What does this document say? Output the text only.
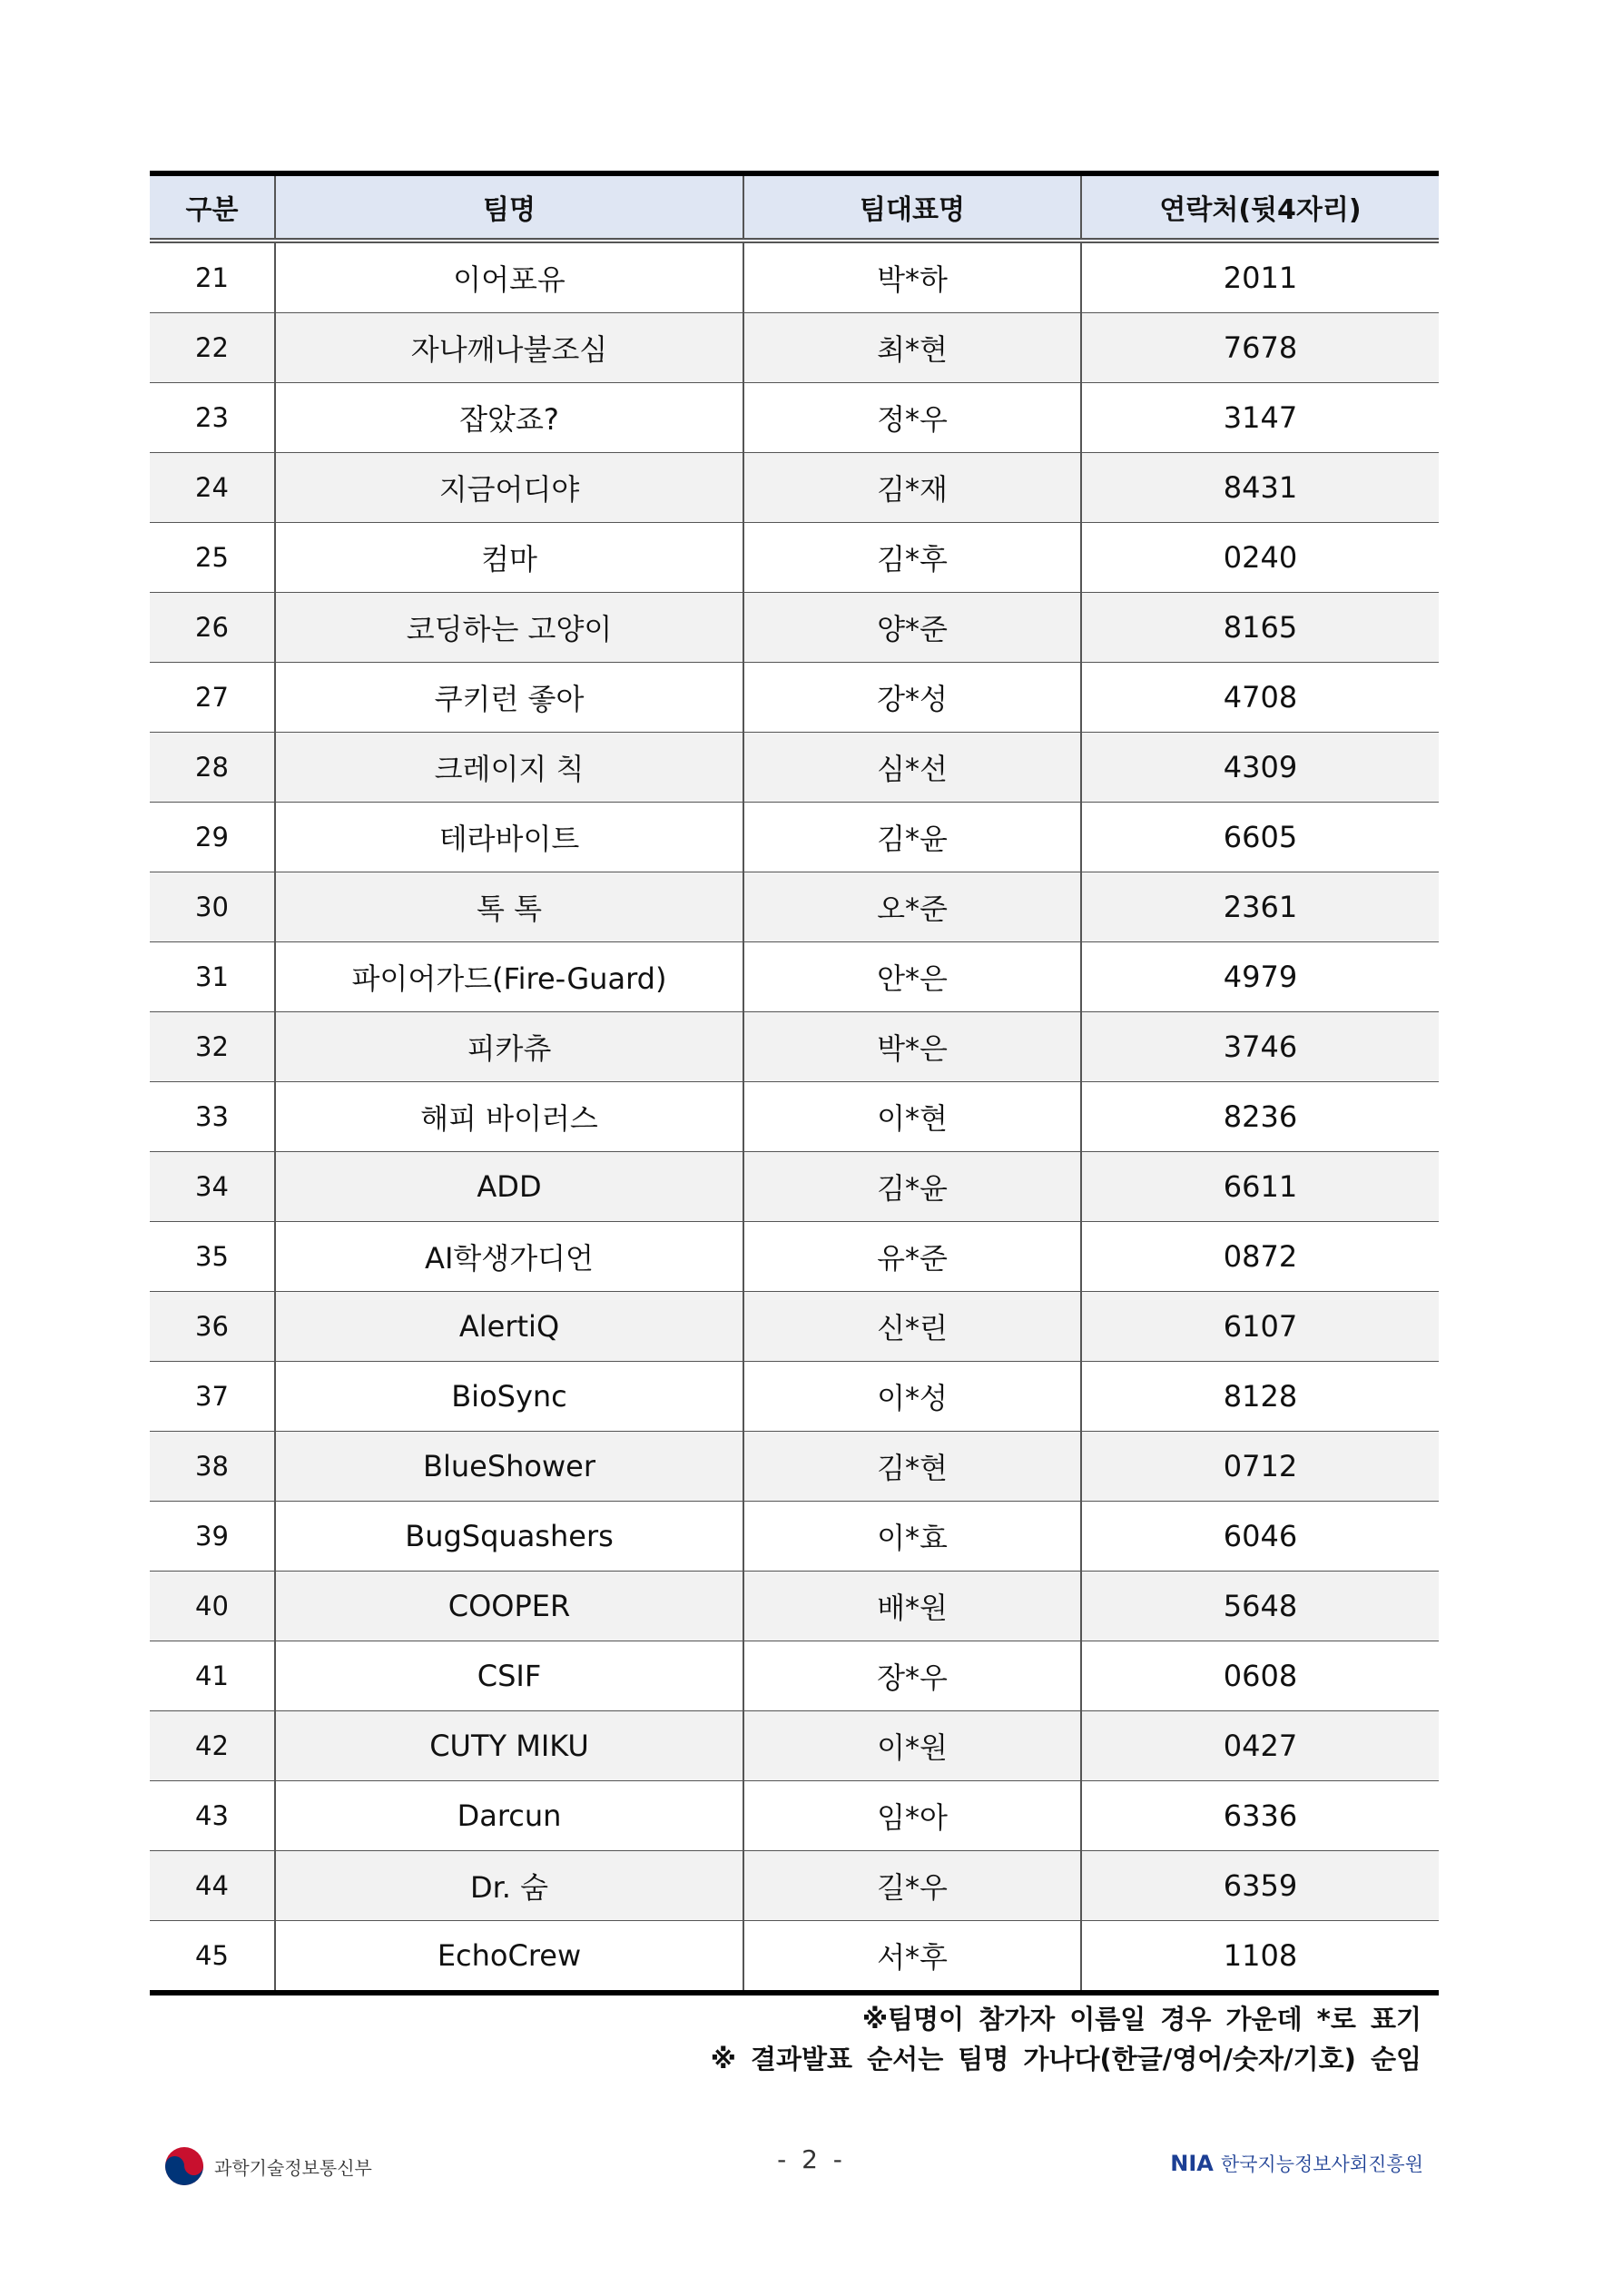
구분	팀명	팀대표명	연락처(뒷4자리)
21	이어포유	박*하	2011
22	자나깨나불조심	최*현	7678
23	잡았죠?	정*우	3147
24	지금어디야	김*재	8431
25	컴마	김*후	0240
26	코딩하는 고양이	양*준	8165
27	쿠키런 좋아	강*성	4708
28	크레이지 칙	심*선	4309
29	테라바이트	김*윤	6605
30	톡 톡	오*준	2361
31	파이어가드(Fire-Guard)	안*은	4979
32	피카츄	박*은	3746
33	해피 바이러스	이*현	8236
34	ADD	김*윤	6611
35	AI학생가디언	유*준	0872
36	AlertiQ	신*린	6107
37	BioSync	이*성	8128
38	BlueShower	김*현	0712
39	BugSquashers	이*효	6046
40	COOPER	배*원	5648
41	CSIF	장*우	0608
42	CUTY MIKU	이*원	0427
43	Darcun	임*아	6336
44	Dr. 숨	길*우	6359
45	EchoCrew	서*후	1108
※팀명이 참가자 이름일 경우 가운데 *로 표기
※ 결과발표 순서는 팀명 가나다(한글/영어/숫자/기호) 순임
과학기술정보통신부	- 2 -	NIA 한국지능정보사회진흥원
